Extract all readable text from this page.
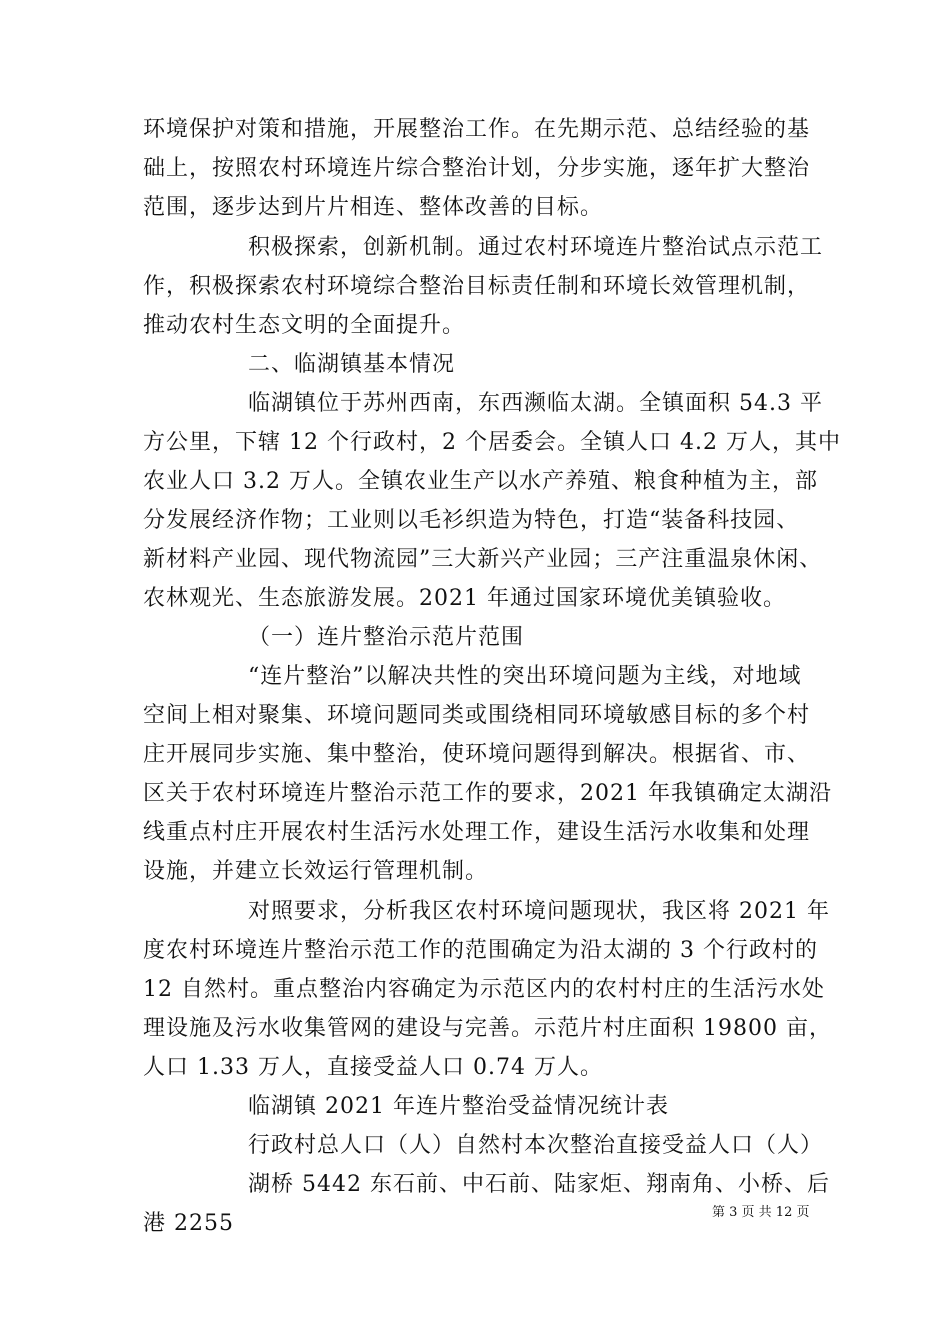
环境保护对策和措施，开展整治工作。在先期示范、总结经验的基
础上，按照农村环境连片综合整治计划，分步实施，逐年扩大整治
范围，逐步达到片片相连、整体改善的目标。
积极探索，创新机制。通过农村环境连片整治试点示范工
作，积极探索农村环境综合整治目标责任制和环境长效管理机制，
推动农村生态文明的全面提升。
二、临湖镇基本情况
临湖镇位于苏州西南，东西濒临太湖。全镇面积 54.3 平
方公里，下辖 12 个行政村，2 个居委会。全镇人口 4.2 万人，其中
农业人口 3.2 万人。全镇农业生产以水产养殖、粮食种植为主，部
分发展经济作物；工业则以毛衫织造为特色，打造“装备科技园、
新材料产业园、现代物流园”三大新兴产业园；三产注重温泉休闲、
农林观光、生态旅游发展。2021 年通过国家环境优美镇验收。
（一）连片整治示范片范围
“连片整治”以解决共性的突出环境问题为主线，对地域
空间上相对聚集、环境问题同类或围绕相同环境敏感目标的多个村
庄开展同步实施、集中整治，使环境问题得到解决。根据省、市、
区关于农村环境连片整治示范工作的要求，2021 年我镇确定太湖沿
线重点村庄开展农村生活污水处理工作，建设生活污水收集和处理
设施，并建立长效运行管理机制。
对照要求，分析我区农村环境问题现状，我区将 2021 年
度农村环境连片整治示范工作的范围确定为沿太湖的 3 个行政村的
12 自然村。重点整治内容确定为示范区内的农村村庄的生活污水处
理设施及污水收集管网的建设与完善。示范片村庄面积 19800 亩，
人口 1.33 万人，直接受益人口 0.74 万人。
临湖镇 2021 年连片整治受益情况统计表
行政村总人口（人）自然村本次整治直接受益人口（人）
湖桥 5442 东石前、中石前、陆家炬、翔南角、小桥、后
港 2255	第 3 页 共 12 页
